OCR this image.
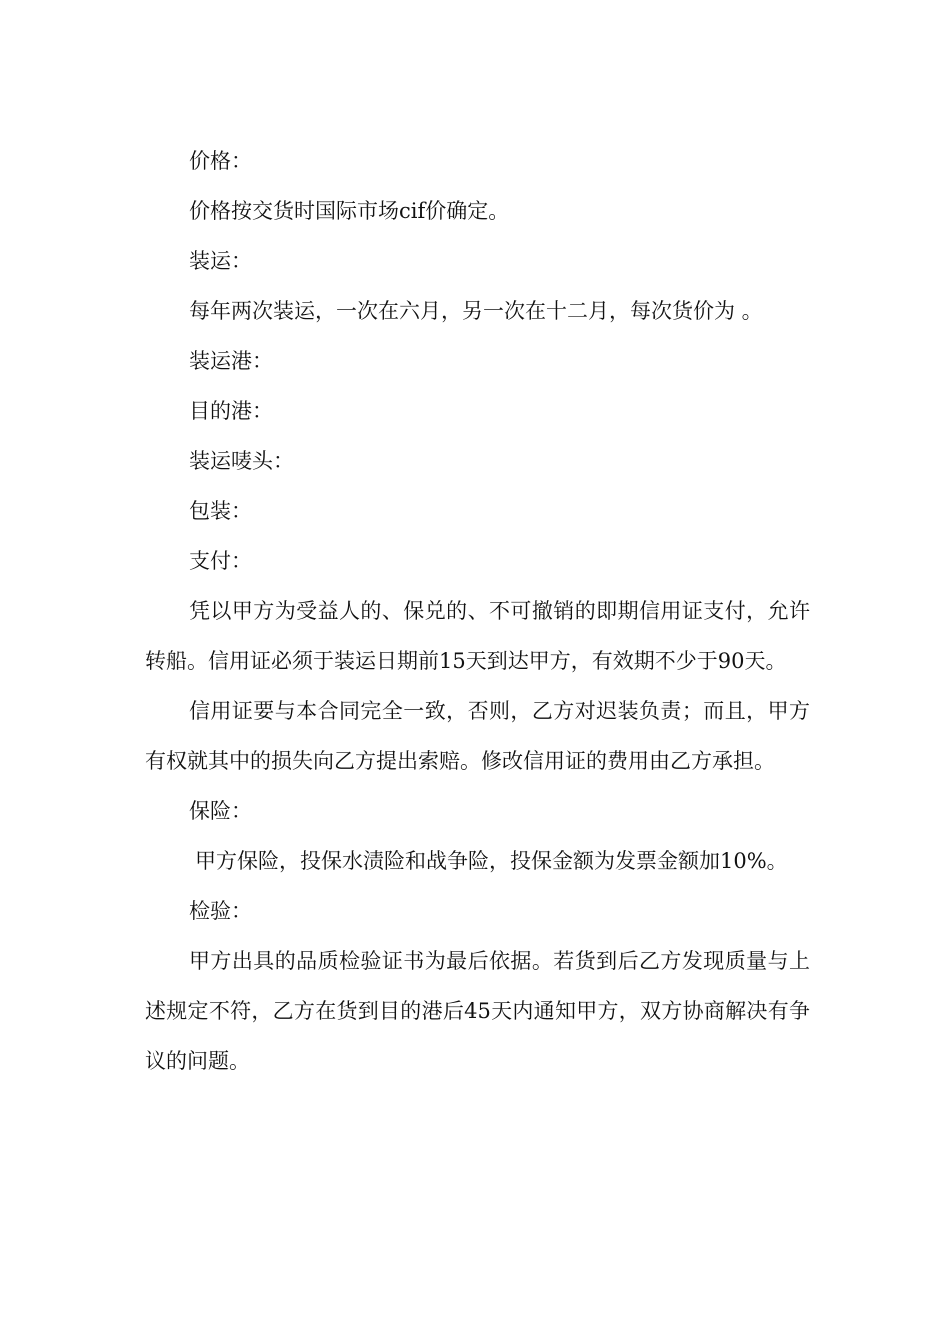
价格：

价格按交货时国际市场cif价确定。

装运：

每年两次装运，一次在六月，另一次在十二月，每次货价为 。

装运港：

目的港：

装运唛头：

包装：

支付：

凭以甲方为受益人的、保兑的、不可撤销的即期信用证支付，允许转船。信用证必须于装运日期前15天到达甲方，有效期不少于90天。

信用证要与本合同完全一致，否则，乙方对迟装负责；而且，甲方有权就其中的损失向乙方提出索赔。修改信用证的费用由乙方承担。

保险：

甲方保险，投保水渍险和战争险，投保金额为发票金额加10%。

检验：

甲方出具的品质检验证书为最后依据。若货到后乙方发现质量与上述规定不符，乙方在货到目的港后45天内通知甲方，双方协商解决有争议的问题。
